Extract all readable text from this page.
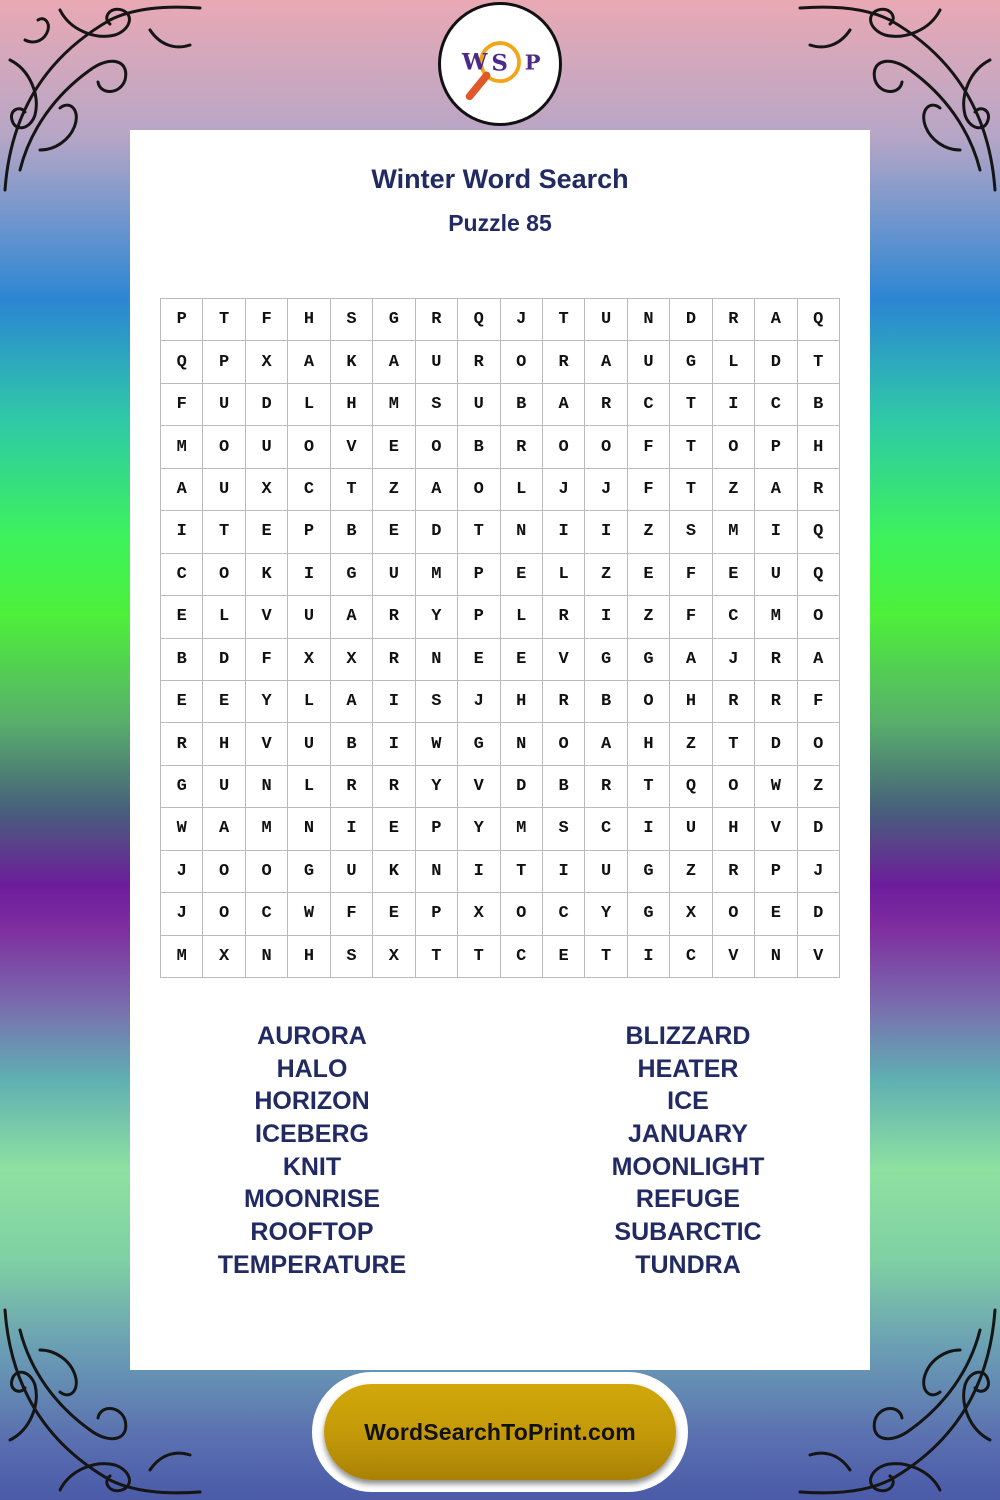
W S P
Winter Word Search
Puzzle 85
P	T	F	H	S	G	R	Q	J	T	U	N	D	R	A	Q
Q	P	X	A	K	A	U	R	O	R	A	U	G	L	D	T
F	U	D	L	H	M	S	U	B	A	R	C	T	I	C	B
M	O	U	O	V	E	O	B	R	O	O	F	T	O	P	H
A	U	X	C	T	Z	A	O	L	J	J	F	T	Z	A	R
I	T	E	P	B	E	D	T	N	I	I	Z	S	M	I	Q
C	O	K	I	G	U	M	P	E	L	Z	E	F	E	U	Q
E	L	V	U	A	R	Y	P	L	R	I	Z	F	C	M	O
B	D	F	X	X	R	N	E	E	V	G	G	A	J	R	A
E	E	Y	L	A	I	S	J	H	R	B	O	H	R	R	F
R	H	V	U	B	I	W	G	N	O	A	H	Z	T	D	O
G	U	N	L	R	R	Y	V	D	B	R	T	Q	O	W	Z
W	A	M	N	I	E	P	Y	M	S	C	I	U	H	V	D
J	O	O	G	U	K	N	I	T	I	U	G	Z	R	P	J
J	O	C	W	F	E	P	X	O	C	Y	G	X	O	E	D
M	X	N	H	S	X	T	T	C	E	T	I	C	V	N	V
AURORA
HALO
HORIZON
ICEBERG
KNIT
MOONRISE
ROOFTOP
TEMPERATURE
BLIZZARD
HEATER
ICE
JANUARY
MOONLIGHT
REFUGE
SUBARCTIC
TUNDRA
WordSearchToPrint.com
